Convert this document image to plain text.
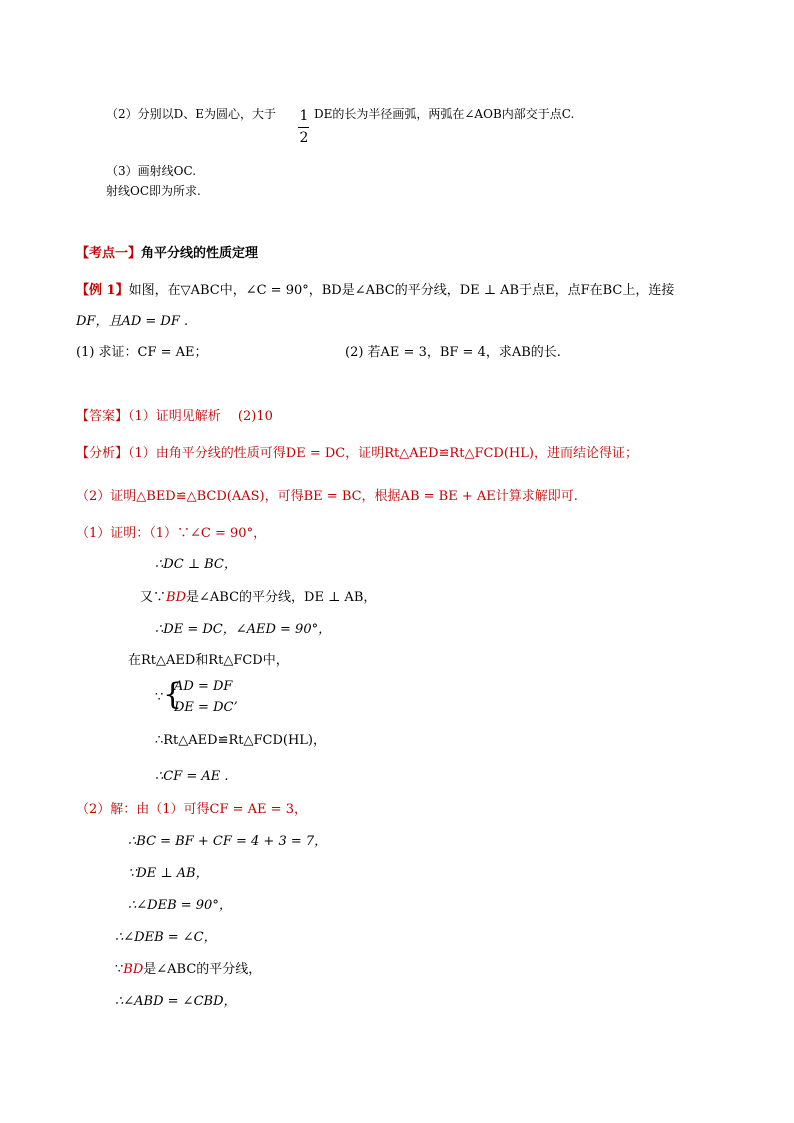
（2）分别以D、E为圆心，大于 1
2
DE的长为半径画弧，两弧在∠AOB内部交于点C.
（3）画射线OC.
射线OC即为所求.
【考点一】角平分线的性质定理
【例 1】如图，在▽ABC中，∠C = 90°，BD是∠ABC的平分线，DE ⊥ AB于点E，点F在BC上，连接
DF，且AD = DF .
(1) 求证：CF = AE；	(2) 若AE = 3，BF = 4，求AB的长.
【答案】（1）证明见解析　 (2)10
【分析】（1）由角平分线的性质可得DE = DC，证明Rt△AED≌Rt△FCD(HL)，进而结论得证；
（2）证明△BED≌△BCD(AAS)，可得BE = BC，根据AB = BE + AE计算求解即可.
（1）证明：（1）∵∠C = 90°，
∴DC ⊥ BC，
又∵BD是∠ABC的平分线，DE ⊥ AB，
∴DE = DC，∠AED = 90°，
在Rt△AED和Rt△FCD中，
∵ {
AD = DF
DE = DC’
∴Rt△AED≌Rt△FCD(HL)，
∴CF = AE .
（2）解：由（1）可得CF = AE = 3，
∴BC = BF + CF = 4 + 3 = 7，
∵DE ⊥ AB，
∴∠DEB = 90°，
∴∠DEB = ∠C，
∵BD是∠ABC的平分线，
∴∠ABD = ∠CBD，
